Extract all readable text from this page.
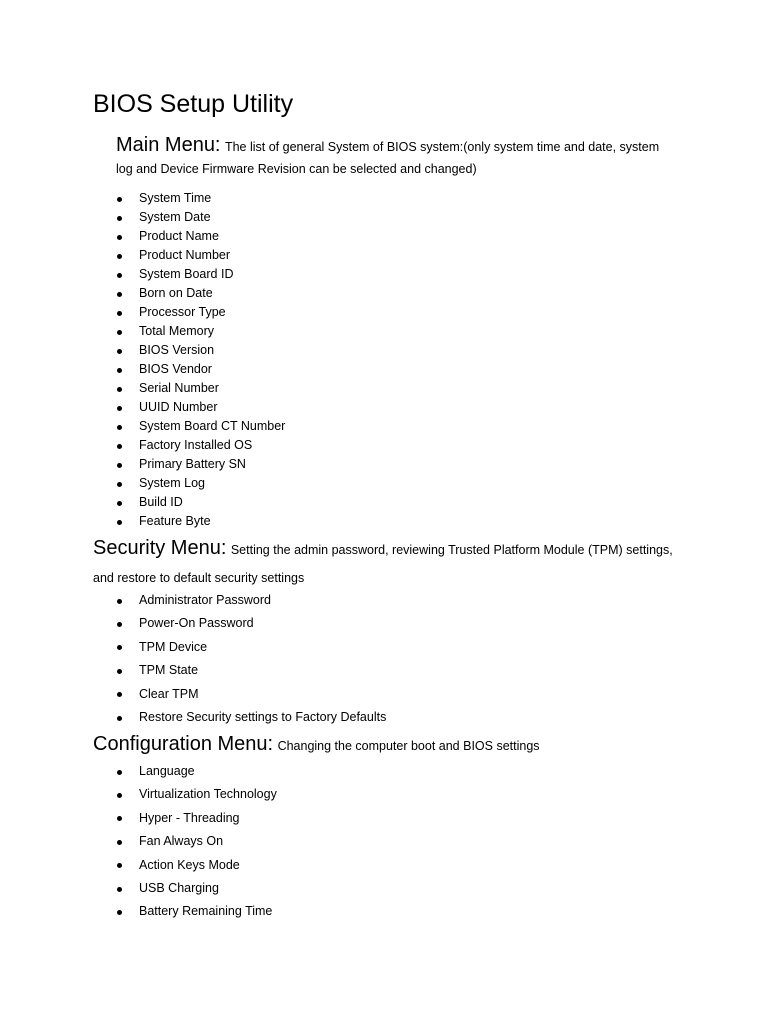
BIOS Setup Utility

Main Menu: The list of general System of BIOS system:(only system time and date, system log and Device Firmware Revision can be selected and changed)

System Time
System Date
Product Name
Product Number
System Board ID
Born on Date
Processor Type
Total Memory
BIOS Version
BIOS Vendor
Serial Number
UUID Number
System Board CT Number
Factory Installed OS
Primary Battery SN
System Log
Build ID
Feature Byte

Security Menu: Setting the admin password, reviewing Trusted Platform Module (TPM) settings, and restore to default security settings

Administrator Password
Power-On Password
TPM Device
TPM State
Clear TPM
Restore Security settings to Factory Defaults

Configuration Menu: Changing the computer boot and BIOS settings

Language
Virtualization Technology
Hyper - Threading
Fan Always On
Action Keys Mode
USB Charging
Battery Remaining Time
